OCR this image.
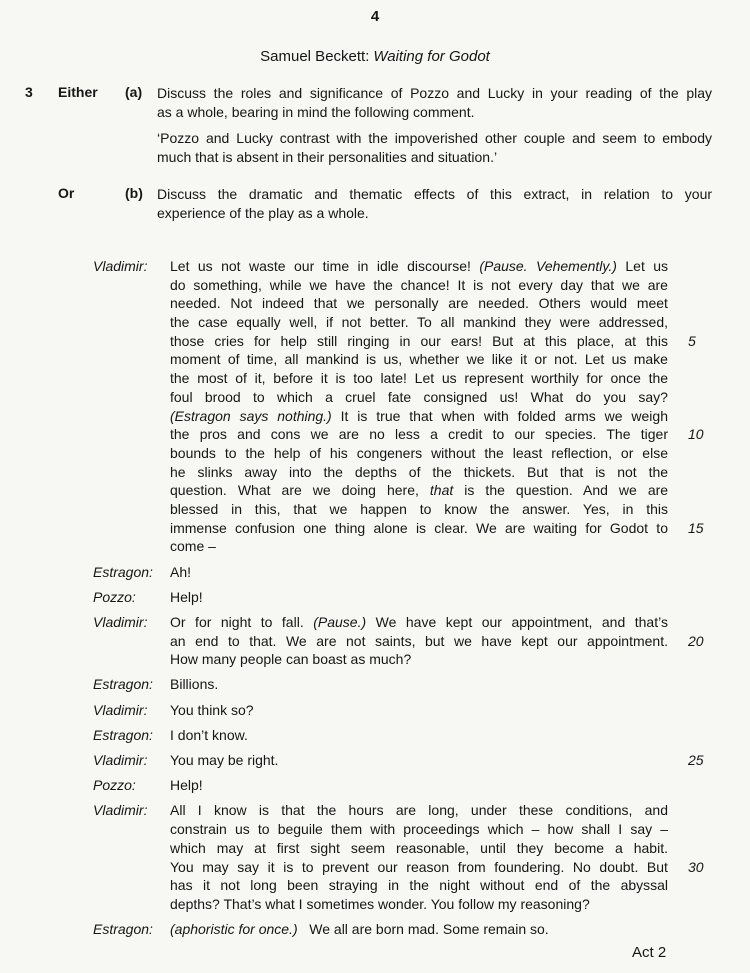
4
Samuel Beckett: Waiting for Godot
3	Either	(a)	Discuss the roles and significance of Pozzo and Lucky in your reading of the play
as a whole, bearing in mind the following comment.
‘Pozzo and Lucky contrast with the impoverished other couple and seem to embody
much that is absent in their personalities and situation.’
Or	(b)	Discuss the dramatic and thematic effects of this extract, in relation to your
experience of the play as a whole.
Vladimir:	Let us not waste our time in idle discourse! (Pause. Vehemently.) Let us
do something, while we have the chance! It is not every day that we are
needed. Not indeed that we personally are needed. Others would meet
the case equally well, if not better. To all mankind they were addressed,
those cries for help still ringing in our ears! But at this place, at this 5
moment of time, all mankind is us, whether we like it or not. Let us make
the most of it, before it is too late! Let us represent worthily for once the
foul brood to which a cruel fate consigned us! What do you say?
(Estragon says nothing.) It is true that when with folded arms we weigh
the pros and cons we are no less a credit to our species. The tiger 10
bounds to the help of his congeners without the least reflection, or else
he slinks away into the depths of the thickets. But that is not the
question. What are we doing here, that is the question. And we are
blessed in this, that we happen to know the answer. Yes, in this
immense confusion one thing alone is clear. We are waiting for Godot to 15
come –
Estragon:	Ah!
Pozzo:	Help!
Vladimir:	Or for night to fall. (Pause.) We have kept our appointment, and that’s
an end to that. We are not saints, but we have kept our appointment. 20
How many people can boast as much?
Estragon:	Billions.
Vladimir:	You think so?
Estragon:	I don’t know.
Vladimir:	You may be right.	25
Pozzo:	Help!
Vladimir:	All I know is that the hours are long, under these conditions, and
constrain us to beguile them with proceedings which – how shall I say –
which may at first sight seem reasonable, until they become a habit.
You may say it is to prevent our reason from foundering. No doubt. But 30
has it not long been straying in the night without end of the abyssal
depths? That’s what I sometimes wonder. You follow my reasoning?
Estragon:	(aphoristic for once.)   We all are born mad. Some remain so.
Act 2
